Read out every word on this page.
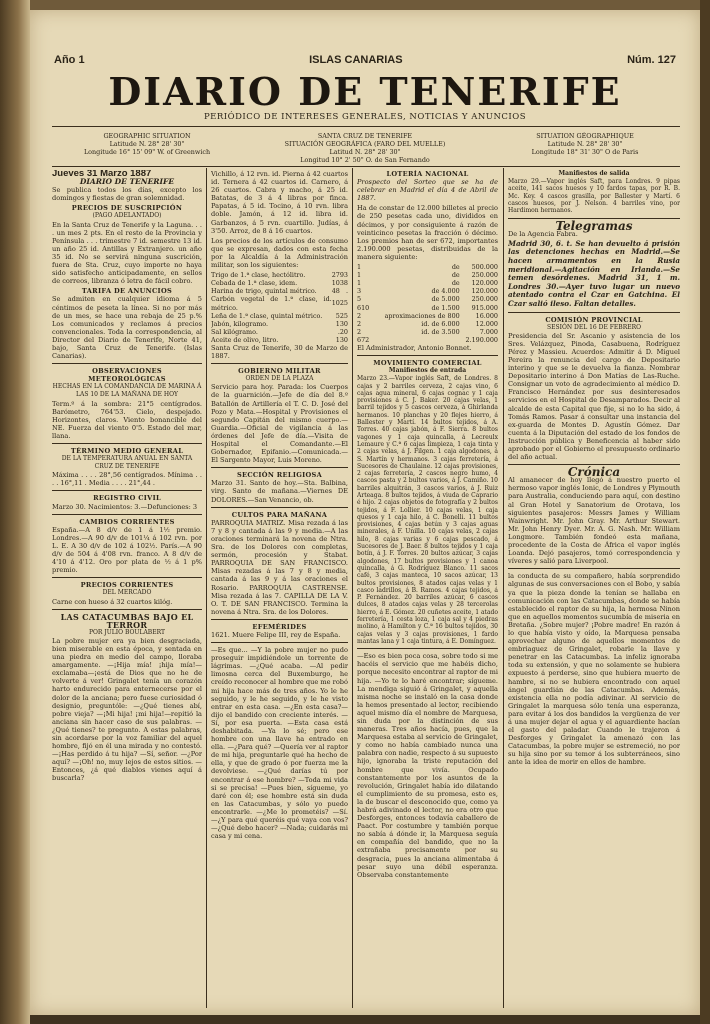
Año 1	ISLAS CANARIAS	Núm. 127
DIARIO DE TENERIFE
PERIÓDICO DE INTERESES GENERALES, NOTICIAS Y ANUNCIOS
GEOGRAPHIC SITUATION
Latitude N. 28° 28' 30"
Longitude 16° 15' 09" W. of Greenwich
SANTA CRUZ DE TENERIFE
SITUACIÓN GEOGRÁFICA (FARO DEL MUELLE)
Latitud N. 28° 28' 30"
Longitud 10° 2' 50" O. de San Fernando
SITUATION GÉOGRAPHIQUE
Latitude N. 28° 28' 30"
Longitude 18° 31' 30" O de Paris
Jueves 31 Marzo 1887
DIARIO DE TENERIFE

Se publica todos los días, excepto los domingos y fiestas de gran solemnidad.

PRECIOS DE SUSCRIPCIÓN
(PAGO ADELANTADO)

En la Santa Cruz de Tenerife y la Laguna. . . . un mes 2 pts. En el resto de la Provincia y Península . . . trimestre 7 id. semestre 13 id. un año 25 id. Antillas y Extranjero. un año 35 id. No se servirá ninguna suscrición, fuera de Sta. Cruz, cuyo importe no haya sido satisfecho anticipadamente, en sellos de correos, libranza ó letra de fácil cobro.

TARIFA DE ANUNCIOS

Se admiten en cualquier idioma á 5 céntimos de peseta la línea. Si no por más de un mes, se hace una rebaja de 25 p.% Los comunicados y reclamos á precios convencionales. Toda la correspondencia, al Director del Diario de Tenerife, Norte 41, bajo, Santa Cruz de Tenerife. (Islas Canarias).

OBSERVACIONES METEOROLÓGICAS
HECHAS EN LA COMANDANCIA DE MARINA Á LAS 10 DE LA MAÑANA DE HOY

Term.º á la sombra: 21°5 centígrados. Barómetro, 764'53. Cielo, despejado. Horizontes, claros. Viento bonancible del NE. Fuerza del viento 0'5. Estado del mar, llana.

TÉRMINO MEDIO GENERAL
DE LA TEMPERATURA ANUAL EN SANTA CRUZ DE TENERIFE

Máxima . . . . 28°,56 centígrados. Mínima . . . . 16°,11 . Media . . . . 21°,44 .

REGISTRO CIVIL

Marzo 30. Nacimientos: 3.—Defunciones: 3

CAMBIOS CORRIENTES

España.—A 8 d/v de 1 á 1½ premio. Londres.—A 90 d/v de 101¼ á 102 rvn. por L. E. A 30 d/v de 102 á 102½. París.—A 90 d/v de 504 á 4'08 rvn. franco. A 8 d/v de 4'10 á 4'12. Oro por plata de ½ á 1 p% premio.

PRECIOS CORRIENTES
DEL MERCADO

Carne con hueso á 32 cuartos kilóg.

LAS CATACUMBAS BAJO EL TERROR
POR JULIO BOULABERT

La pobre mujer era ya bien desgraciada, bien miserable en esta época, y sentada en una piedra en medio del campo, lloraba amargamente. —¡Hija mía! ¡hija mía!—exclamaba—¡está de Dios que no he de volverte á ver! Gringalet tenía un corazón harto endurecido para enternecerse por el dolor de la anciana; pero fuese curiosidad ó designio, preguntóle: —¿Qué tienes abí, pobre vieja? —¡Mi hija! ¡mi hija!—repitió la anciana sin hacer caso de sus palabras. —¿Qué tienes? te pregunto. A estas palabras, sin acordarse por la voz familiar del aquel hombre, fijó en él una mirada y no contestó. —¡Has perdido á tu hija? —Sí, señor. —¿Por aquí? —¡Oh! no, muy lejos de estos sitios. —Entonces, ¿á qué diablos vienes aquí á buscarla?

Vichillo, á 12 rvn. id. Pierna á 42 cuartos id. Ternera á 42 cuartos id. Carnero, á 26 cuartos. Cabra y macho, á 25 id. Batatas, de 3 á 4 libras por finca. Papatas, á 5 id. Tocino, á 10 rvn. libra doble. Jamón, á 12 id. libra id. Garbanzos, á 5 rvn. cuartillo. Judías, á 3'50. Arroz, de 8 á 16 cuartos.

Los precios de los artículos de consumo que se expresan, dados con esta fecha por la Alcaldía á la Administración militar, son los siguientes:

Trigo de 1.ª clase, hectólitro.	27	93
Cebada de 1.ª clase, idem.	10	38
Harina de trigo, quintal métrico.	48	.
Carbón vegetal de 1.ª clase, id. métrico.	10	25
Leña de 1.ª clase, quintal métrico.	5	25
Jabón, kilogramo.	1	30
Sal kilógramo.	.	20
Aceite de olivo, litro.	1	30

Santa Cruz de Tenerife, 30 de Marzo de 1887.

GOBIERNO MILITAR
ORDEN DE LA PLAZA

Servicio para hoy. Parada: los Cuerpos de la guarnición.—Jefe de día del 8.º Batallón de Artillería el T. C. D. José del Pozo y Mata.—Hospital y Provisiones el segundo Capitán del mismo cuerpo.—Guardia.—Oficial de vigilancia á las órdenes del Jefe de día.—Visita de Hospital el Comandante.—El Gobernador, Epifanio.—Comunicada.—El Sargento Mayor, Luis Moreno.

SECCIÓN RELIGIOSA

Marzo 31. Santo de hoy.—Sta. Balbina, virg. Santo de mañana.—Viernes DE DOLORES.—San Venancio, ob.

CULTOS PARA MAÑANA

PARROQUIA MATRIZ. Misa rezada á las 7 y 8 y cantada á las 9 y media.—A las oraciones terminará la novena de Ntra. Sra. de los Dolores con completas, sermón, procesión y Stabat. PARROQUIA DE SAN FRANCISCO. Misas rezadas á las 7 y 8 y media, cantada á las 9 y á las oraciones el Rosario. PARROQUIA CASTRENSE. Misa rezada á las 7. CAPILLA DE LA V. O. T. DE SAN FRANCISCO. Termina la novena á Ntra. Sra. de los Dolores.

EFEMÉRIDES

1621. Muere Felipe III, rey de España.

—Es que... —Y la pobre mujer no pudo proseguir impidiéndole un torrente de lágrimas. —¿Qué acaba. —Al pedir limosna cerca del Buxemburgo, he creído reconocer al hombre que me robó mi hija hace más de tres años. Yo le he seguido, y le he seguido, y le he visto entrar en esta casa. —¿En esta casa?—dijo el bandido con creciente interés. —Sí, por esa puerta. —Esta casa está deshabitada. —Ya lo sé; pero ese hombre con una llave ha entrado en ella. —¿Para qué? —Quería ver al raptor de mi hija, preguntarle qué ha hecho de ella, y que de grado ó por fuerza me la devolviese. —¿Qué darías tú por encontrar á ese hombre? —Toda mi vida si se precisa! —Pues bien, sígueme, yo daré con él; ese hombre está sin duda en las Catacumbas, y sólo yo puedo encontrarle. —¿Me lo prometéis? —Sí. —¿Y para qué queréis qué vaya con vos? —¿Qué debo hacer? —Nada; cuidarás mi casa y mi cena.

LOTERÍA NACIONAL

Prospecto del Sorteo que se ha de celebrar en Madrid el día 4 de Abril de 1887.

Ha de constar de 12.000 billetes al precio de 250 pesetas cada uno, divididos en décimos, y por consiguiente á razón de veinticinco pesetas la fracción ó décimo. Los premios han de ser 672, importantes 2.190.000 pesetas, distribuidas de la manera siguiente:

1	de	500.000
1	de	250.000
1	de	120.000
3	de 4.000	120.000
5	de 5.000	250.000
610	de 1.500	915.000
2	aproximaciones de 800	16.000
2	id. de 6.000	12.000
2	id. de 3.500	7.000
672		2.190.000

El Administrador, Antonio Bonnet.

MOVIMIENTO COMERCIAL
Manifiestos de entrada

Marzo 23.—Vapor inglés Saft, de Londres. 8 cajas y 2 barriles cerveza, 2 cajas vino, 6 cajas agua mineral, 6 cajas cognac y 1 caja provisiones á C. J. Baker. 20 cajas velas, 1 barril tejidos y 5 cascos cerveza, á Ghirlanda hermanos. 10 planchas y 20 flejes hierro, á Ballester y Martí. 14 bultos tejidos, á A. Torres. 40 cajas jabón, á F. Sierra. 8 bultos vagones y 1 caja quincalla, á Lecreulx Lemaure y C.ª 6 cajas limpieza, 1 caja tinta y 2 cajas velas, á J. Filgen. 1 caja algodones, á S. Martín y hermanos. 3 cajas ferretería, á Sucesores de Chaulaine. 12 cajas provisiones, 2 cajas ferretería, 2 cascos negro humo, 4 cascos pasta y 2 bultos varios, á J. Camiño. 10 barriles alquitrán, 3 cascos varios, á J. Ruiz Arteaga. 8 bultos tejidos, á viuda de Caprario é hijo. 2 cajas objetos de fotografía y 2 bultos tejidos, á F. Lollier. 10 cajas velas, 1 caja quesos y 1 caja hilo, á C. Bonelli. 11 bultos provisiones, 4 cajas betún y 3 cajas aguas minerales, á F. Unilla. 10 cajas velas, 2 cajas hilo, 8 cajas varias y 6 cajas pescado, á Sucesores de J. Baer. 8 bultos tejidos y 1 caja botín, á J. F. Torres. 20 bultos azúcar, 3 cajas algodones, 17 bultos provisiones y 1 canoa quincalla, á G. Rodríguez Blanco. 11 sacos café, 3 cajas manteca, 10 sacos azúcar, 13 bultos provisiones, 8 atados cajas velas y 1 casco ladrillos, á B. Ramos. 4 cajas tejidos, á P. Fernández. 20 barriles azúcar, 6 cascos dulces, 8 atados cajas velas y 28 tercerolas hierro, á E. Gómez. 20 cuñetes aceite, 1 atado ferretería, 1 cesta loza, 1 caja sal y 4 piedras molino, á Hamilton y C.ª 16 bultos tejidos, 30 cajas velas y 3 cajas provisiones, 1 fardo mantas lana y 1 caja tintura, á E. Domínguez.

—Eso es bien poca cosa, sobre todo si me hacéis el servicio que me habéis dicho, porque necesito encontrar al raptor de mi hija. —Yo te lo haré encontrar; sígueme. La mendiga siguió á Gringalet, y aquella misma noche se instaló en la casa donde la hemos presentado al lector, recibiendo aquel mismo día el nombre de Marquesa, sin duda por la distinción de sus maneras. Tres años hacía, pues, que la Marquesa estaba al servicio de Gringalet, y como no había cambiado nunca una palabra con nadie, respecto á su supuesto hijo, ignoraba la triste reputación del hombre que vivía. Ocupado constantemente por los asuntos de la revolución, Gringalet había ido dilatando el cumplimiento de su promesa, esto es, la de buscar el desconocido que, como ya habrá adivinado el lector, no era otro que Desforges, entonces todavía caballero de Paact. Por costumbre y también porque no sabía á dónde ir, la Marquesa seguía en compañía del bandido, que no la extrañaba precisamente por su desgracia, pues la anciana alimentaba á pesar suyo una débil esperanza. Observaba constantemente

Manifiestos de salida

Marzo 29.—Vapor inglés Saft, para Londres. 9 pipas aceite, 141 sacos huesos y 10 fardos tapas, por R. B. Mc. Key. 4 cascos grasilla, por Ballester y Martí. 6 cascos huesos, por J. Nelson. 4 barriles vino, por Hardimon hermanos.

Telegramas

De la Agencia Fabra.

Madrid 30, 6. t. Se han devuelto á prisión las detenciones hechas en Madrid.—Se hacen armamentos en la Rusia meridional.—Agitación en Irlanda.—Se temen desórdenes. Madrid 31, 1 m. Londres 30.—Ayer tuvo lugar un nuevo atentado contra el Czar en Gatchina. El Czar salió ileso. Faltan detalles.

COMISIÓN PROVINCIAL
SESIÓN DEL 16 DE FEBRERO

Presidencia del Sr. Ascanio y asistencia de los Sres. Velázquez, Pinoda, Casabuena, Rodríguez Pérez y Massieu. Acuerdos: Admitir á D. Miguel Pereira la renuncia del cargo de Depositario interino y que se le devuelva la fianza. Nombrar Depositario interino á Don Matías de Las-Ruche. Consignar un voto de agradecimiento al médico D. Francisco Hernández por sus desinteresados servicios en el Hospital de Desamparados. Decir al alcalde de esta Capital que fije, si no lo ha sido, á Tomás Ramos. Pasar á consultar una instancia del ex-guarda de Montes D. Agustín Gómez. Dar cuenta á la Diputación del estado de los fondos de Instrucción pública y Beneficencia al haber sido aprobado por el Gobierno el presupuesto ordinario del año actual.

Crónica

Al amanecer de hoy llegó á nuestro puerto el hermoso vapor inglés Ionic, de Londres y Plymouth para Australia, conduciendo para aquí, con destino al Gran Hotel y Sanatorium de Orotava, los siguientes pasajeros: Messrs James y William Wainwright. Mr. John Gray. Mr. Arthur Stewart. Mr. John Henry Dyer. Mr. A. G. Nash. Mr. William Longmore. También fondeó esta mañana, procedente de la Costa de África el vapor inglés Loanda. Dejó pasajeros, tomó correspondencia y víveres y salió para Liverpool.

la conducta de su compañero, había sorprendido algunas de sus conversaciones con el Bobo, y sabía ya que la pieza donde la tenían se hallaba en comunicación con las Catacumbas, donde se había establecido el raptor de su hija, la hermosa Ninon que en aquellos momentos sucumbía de miseria en Bretaña. ¿Sobre mujer? ¡Pobre madre! En razón á lo que había visto y oído, la Marquesa pensaba aprovechar alguno de aquellos momentos de embriaguez de Gringalet, robarle la llave y penetrar en las Catacumbas. La infeliz ignoraba toda su extensión, y que no solamente se hubiera expuesto á perderse, sino que hubiera muerto de hambre, si no se hubiera encontrado con aquel ángel guardián de las Catacumbas. Además, existencia ella no podía adivinar. Al servicio de Gringalet la marquesa sólo tenía una esperanza, para evitar á los dos bandidos la vergüenza de ver á una mujer dejar el agua y el aguardiente hacían el gasto del paladar. Cuando le trajeron á Desforges y Gringalet la amenazó con las Catacumbas, la pobre mujer se estremeció, no por su hija sino por su temor á los subterráneos, sino ante la idea de morir en ellos de hambre.
